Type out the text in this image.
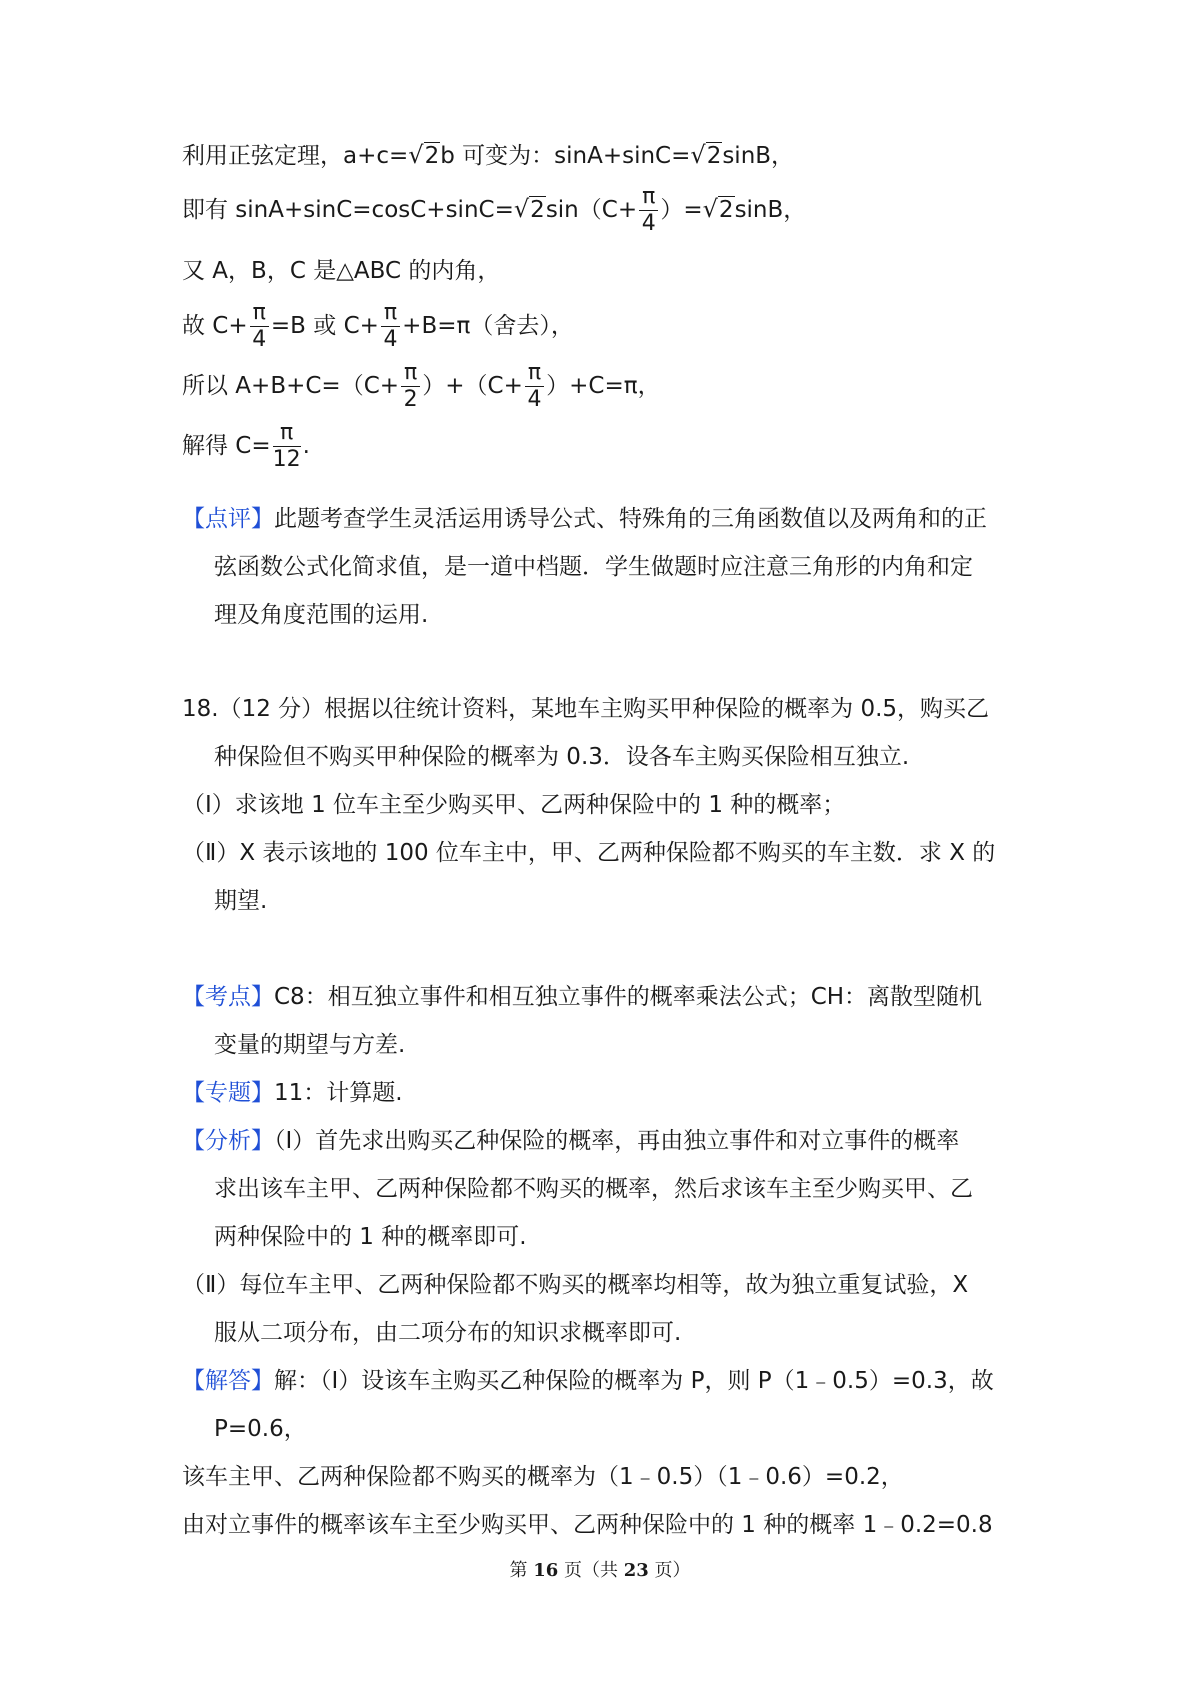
利用正弦定理，a+c=√2b 可变为：sinA+sinC=√2sinB，
即有 $\sin A+\sin C=\cos C+\sin C=√2\sin(C+ \frac{\pi}{4} )=√2\sin B$，
又 A，B，C 是△ABC 的内角，
故 $C+ \frac{\pi}{4} =B$ 或 $C+ \frac{\pi}{4} +B=\pi$（舍去），
所以 $A+B+C=(C+ \frac{\pi}{2} )+(C+ \frac{\pi}{4} )+C=\pi$，
解得 $C= \frac{\pi}{12}$ .
【点评】此题考查学生灵活运用诱导公式、特殊角的三角函数值以及两角和的正
弦函数公式化简求值，是一道中档题．学生做题时应注意三角形的内角和定
理及角度范围的运用.
18.（12 分）根据以往统计资料，某地车主购买甲种保险的概率为 0.5，购买乙
种保险但不购买甲种保险的概率为 0.3．设各车主购买保险相互独立.
（Ⅰ）求该地 1 位车主至少购买甲、乙两种保险中的 1 种的概率；
（Ⅱ）X 表示该地的 100 位车主中，甲、乙两种保险都不购买的车主数．求 X 的
期望.
【考点】C8：相互独立事件和相互独立事件的概率乘法公式；CH：离散型随机
变量的期望与方差.
【专题】11：计算题.
【分析】（Ⅰ）首先求出购买乙种保险的概率，再由独立事件和对立事件的概率
求出该车主甲、乙两种保险都不购买的概率，然后求该车主至少购买甲、乙
两种保险中的 1 种的概率即可.
（Ⅱ）每位车主甲、乙两种保险都不购买的概率均相等，故为独立重复试验，X
服从二项分布，由二项分布的知识求概率即可.
【解答】解：（Ⅰ）设该车主购买乙种保险的概率为 P，则 P（1﹣0.5）=0.3，故
P=0.6，
该车主甲、乙两种保险都不购买的概率为（1﹣0.5）（1﹣0.6）=0.2，
由对立事件的概率该车主至少购买甲、乙两种保险中的 1 种的概率 1﹣0.2=0.8
第 16 页（共 23 页）
